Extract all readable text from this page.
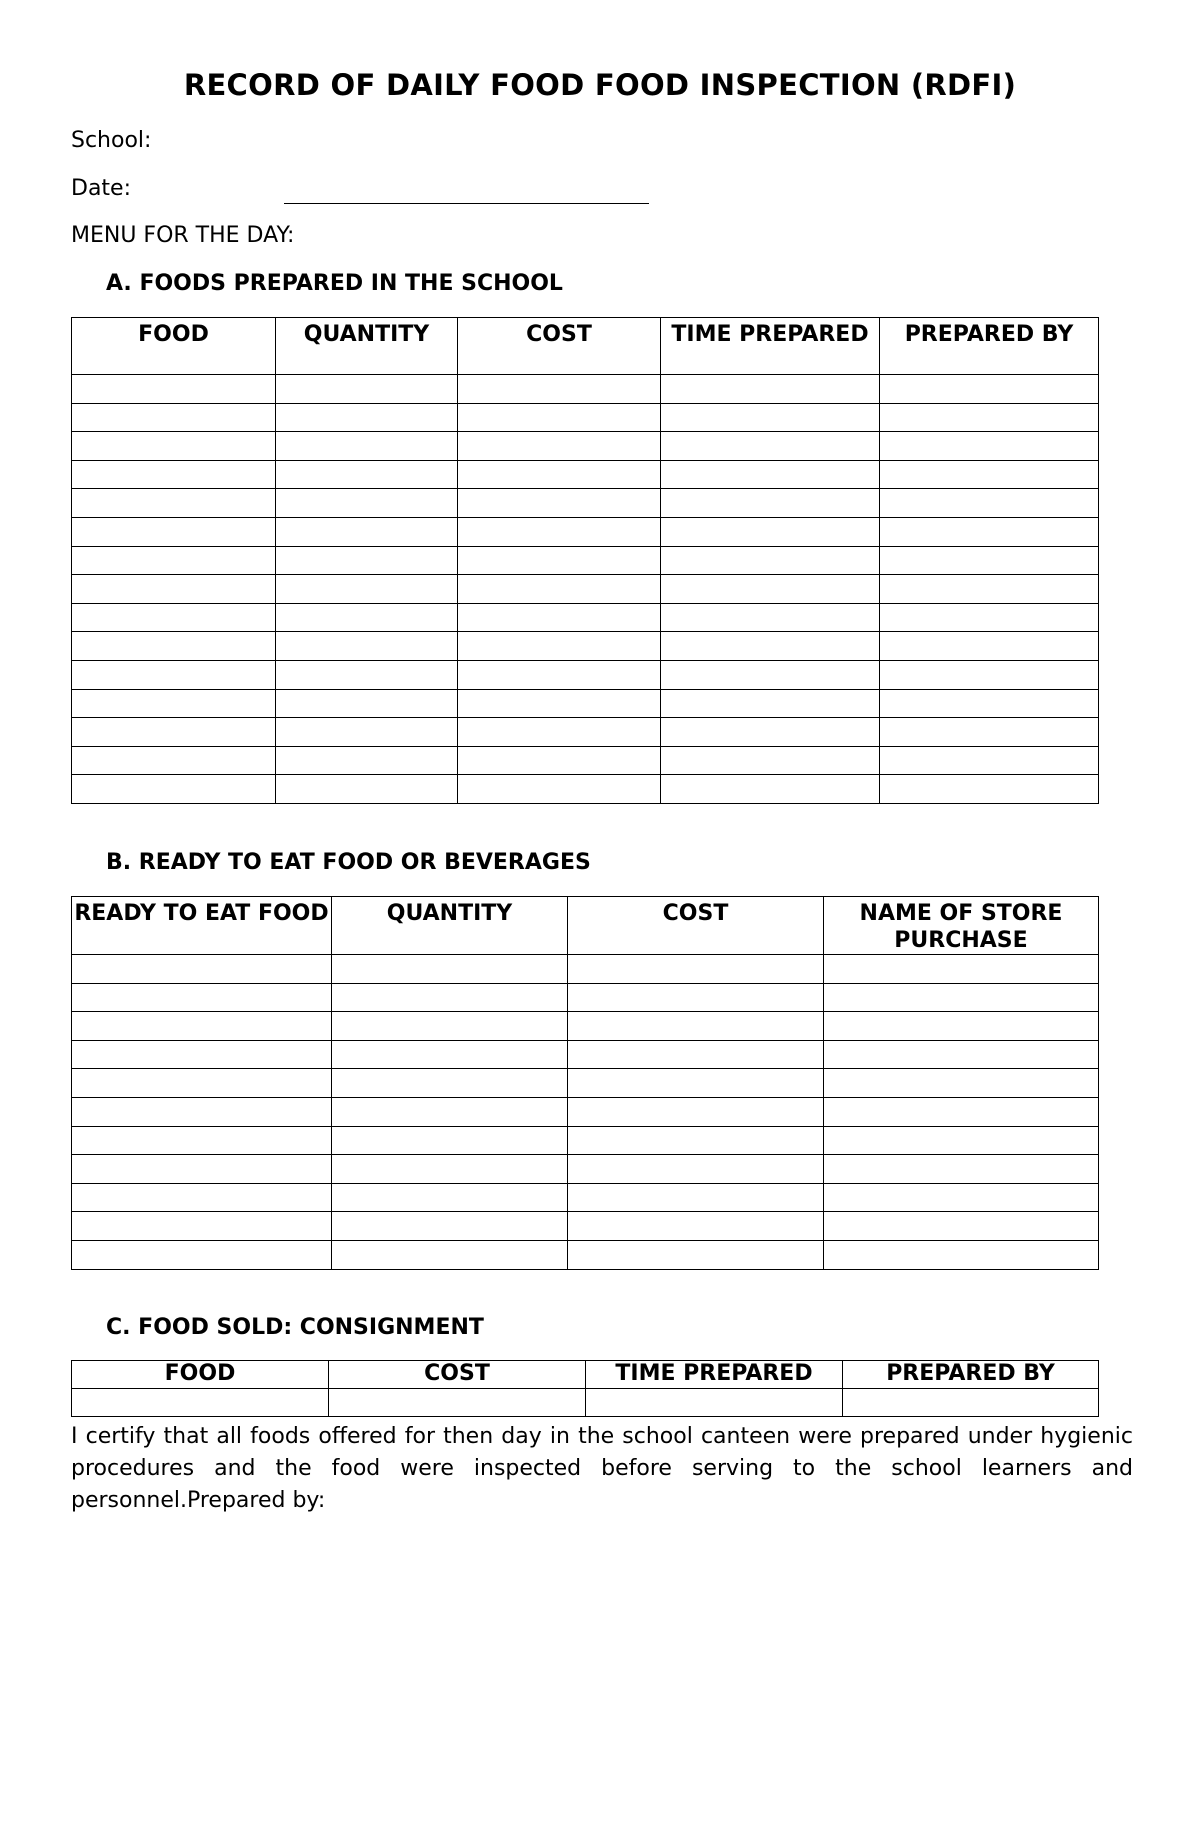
RECORD OF DAILY FOOD FOOD INSPECTION (RDFI)
School:
Date:
MENU FOR THE DAY:
A. FOODS PREPARED IN THE SCHOOL
FOOD	QUANTITY	COST	TIME PREPARED	PREPARED BY

B. READY TO EAT FOOD OR BEVERAGES
READY TO EAT FOOD	QUANTITY	COST	NAME OF STORE PURCHASE

C. FOOD SOLD: CONSIGNMENT
FOOD	COST	TIME PREPARED	PREPARED BY

I certify that all foods offered for then day in the school canteen were prepared under hygienic procedures and the food were inspected before serving to the school learners and personnel.Prepared by:
